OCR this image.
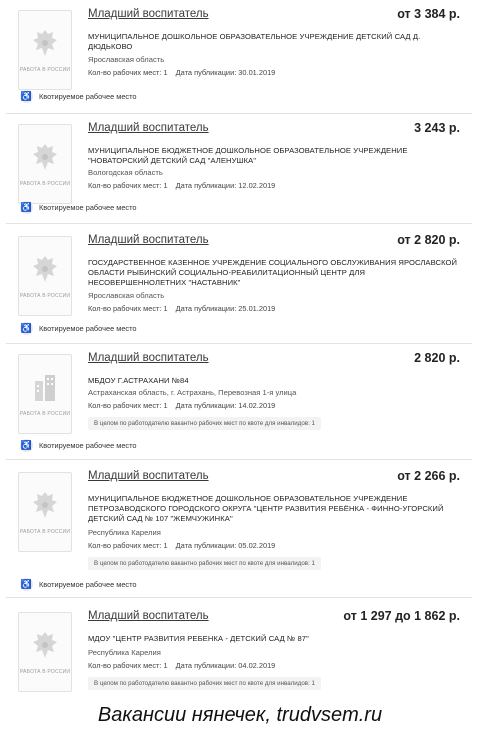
РАБОТА В РОССИИ
Младший воспитатель	от 3 384 р.
МУНИЦИПАЛЬНОЕ ДОШКОЛЬНОЕ ОБРАЗОВАТЕЛЬНОЕ УЧРЕЖДЕНИЕ ДЕТСКИЙ САД Д. ДЮДЬКОВО
Ярославская область
Кол-во рабочих мест: 1 Дата публикации: 30.01.2019
♿ Квотируемое рабочее место
РАБОТА В РОССИИ
Младший воспитатель	3 243 р.
МУНИЦИПАЛЬНОЕ БЮДЖЕТНОЕ ДОШКОЛЬНОЕ ОБРАЗОВАТЕЛЬНОЕ УЧРЕЖДЕНИЕ "НОВАТОРСКИЙ ДЕТСКИЙ САД "АЛЕНУШКА"
Вологодская область
Кол-во рабочих мест: 1 Дата публикации: 12.02.2019
♿ Квотируемое рабочее место
РАБОТА В РОССИИ
Младший воспитатель	от 2 820 р.
ГОСУДАРСТВЕННОЕ КАЗЕННОЕ УЧРЕЖДЕНИЕ СОЦИАЛЬНОГО ОБСЛУЖИВАНИЯ ЯРОСЛАВСКОЙ ОБЛАСТИ РЫБИНСКИЙ СОЦИАЛЬНО-РЕАБИЛИТАЦИОННЫЙ ЦЕНТР ДЛЯ НЕСОВЕРШЕННОЛЕТНИХ "НАСТАВНИК"
Ярославская область
Кол-во рабочих мест: 1 Дата публикации: 25.01.2019
♿ Квотируемое рабочее место
РАБОТА В РОССИИ
Младший воспитатель	2 820 р.
МБДОУ Г.АСТРАХАНИ №84
Астраханская область, г. Астрахань, Перевозная 1-я улица
Кол-во рабочих мест: 1 Дата публикации: 14.02.2019
В целом по работодателю вакантно рабочих мест по квоте для инвалидов: 1
♿ Квотируемое рабочее место
РАБОТА В РОССИИ
Младший воспитатель	от 2 266 р.
МУНИЦИПАЛЬНОЕ БЮДЖЕТНОЕ ДОШКОЛЬНОЕ ОБРАЗОВАТЕЛЬНОЕ УЧРЕЖДЕНИЕ ПЕТРОЗАВОДСКОГО ГОРОДСКОГО ОКРУГА "ЦЕНТР РАЗВИТИЯ РЕБЁНКА - ФИННО-УГОРСКИЙ ДЕТСКИЙ САД № 107 "ЖЕМЧУЖИНКА"
Республика Карелия
Кол-во рабочих мест: 1 Дата публикации: 05.02.2019
В целом по работодателю вакантно рабочих мест по квоте для инвалидов: 1
♿ Квотируемое рабочее место
РАБОТА В РОССИИ
Младший воспитатель	от 1 297 до 1 862 р.
МДОУ "ЦЕНТР РАЗВИТИЯ РЕБЕНКА - ДЕТСКИЙ САД № 87"
Республика Карелия
Кол-во рабочих мест: 1 Дата публикации: 04.02.2019
В целом по работодателю вакантно рабочих мест по квоте для инвалидов: 1
Вакансии нянечек, trudvsem.ru
